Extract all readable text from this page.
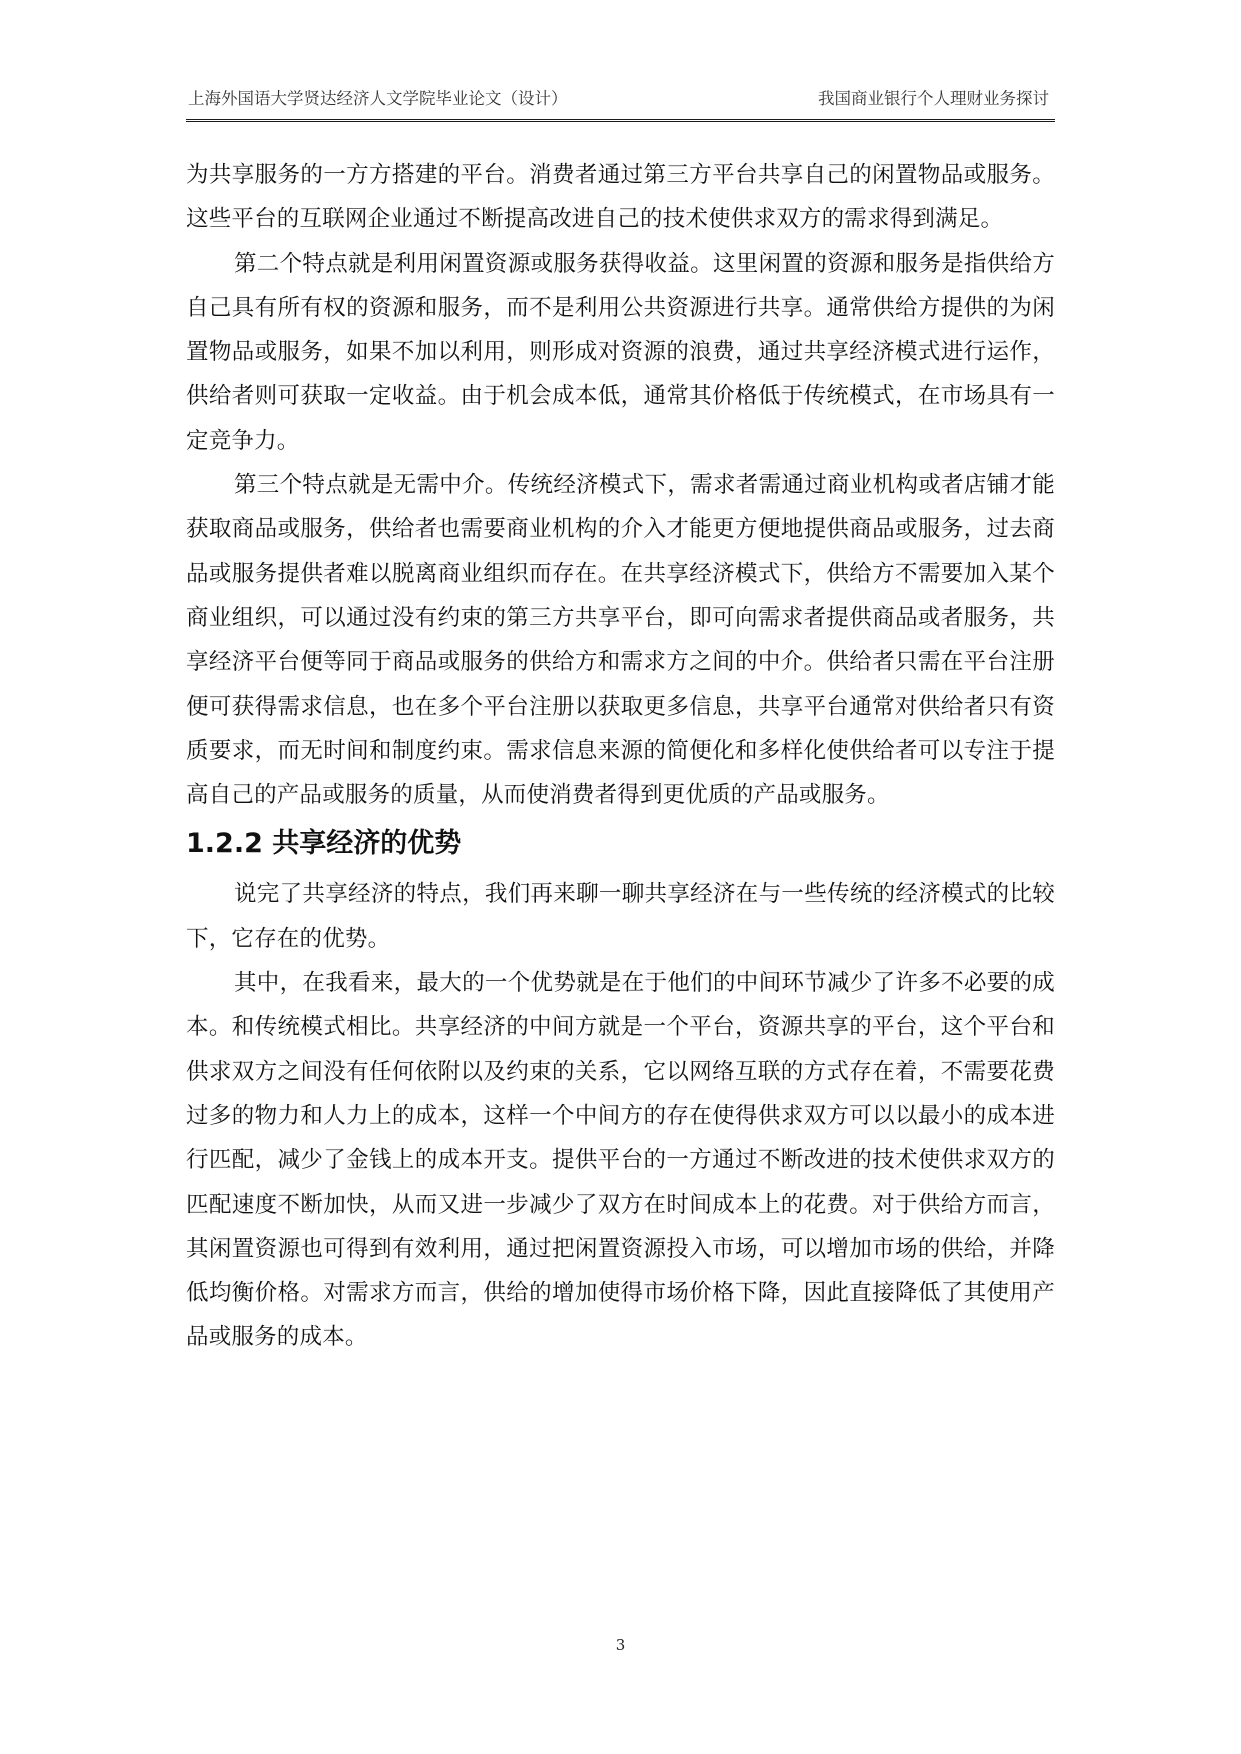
上海外国语大学贤达经济人文学院毕业论文（设计）	我国商业银行个人理财业务探讨

为共享服务的一方方搭建的平台。消费者通过第三方平台共享自己的闲置物品或服务。这些平台的互联网企业通过不断提高改进自己的技术使供求双方的需求得到满足。

第二个特点就是利用闲置资源或服务获得收益。这里闲置的资源和服务是指供给方自己具有所有权的资源和服务，而不是利用公共资源进行共享。通常供给方提供的为闲置物品或服务，如果不加以利用，则形成对资源的浪费，通过共享经济模式进行运作，供给者则可获取一定收益。由于机会成本低，通常其价格低于传统模式，在市场具有一定竞争力。

第三个特点就是无需中介。传统经济模式下，需求者需通过商业机构或者店铺才能获取商品或服务，供给者也需要商业机构的介入才能更方便地提供商品或服务，过去商品或服务提供者难以脱离商业组织而存在。在共享经济模式下，供给方不需要加入某个商业组织，可以通过没有约束的第三方共享平台，即可向需求者提供商品或者服务，共享经济平台便等同于商品或服务的供给方和需求方之间的中介。供给者只需在平台注册便可获得需求信息，也在多个平台注册以获取更多信息，共享平台通常对供给者只有资质要求，而无时间和制度约束。需求信息来源的简便化和多样化使供给者可以专注于提高自己的产品或服务的质量，从而使消费者得到更优质的产品或服务。

1.2.2 共享经济的优势

说完了共享经济的特点，我们再来聊一聊共享经济在与一些传统的经济模式的比较下，它存在的优势。

其中，在我看来，最大的一个优势就是在于他们的中间环节减少了许多不必要的成本。和传统模式相比。共享经济的中间方就是一个平台，资源共享的平台，这个平台和供求双方之间没有任何依附以及约束的关系，它以网络互联的方式存在着，不需要花费过多的物力和人力上的成本，这样一个中间方的存在使得供求双方可以以最小的成本进行匹配，减少了金钱上的成本开支。提供平台的一方通过不断改进的技术使供求双方的匹配速度不断加快，从而又进一步减少了双方在时间成本上的花费。对于供给方而言，其闲置资源也可得到有效利用，通过把闲置资源投入市场，可以增加市场的供给，并降低均衡价格。对需求方而言，供给的增加使得市场价格下降，因此直接降低了其使用产品或服务的成本。

3
